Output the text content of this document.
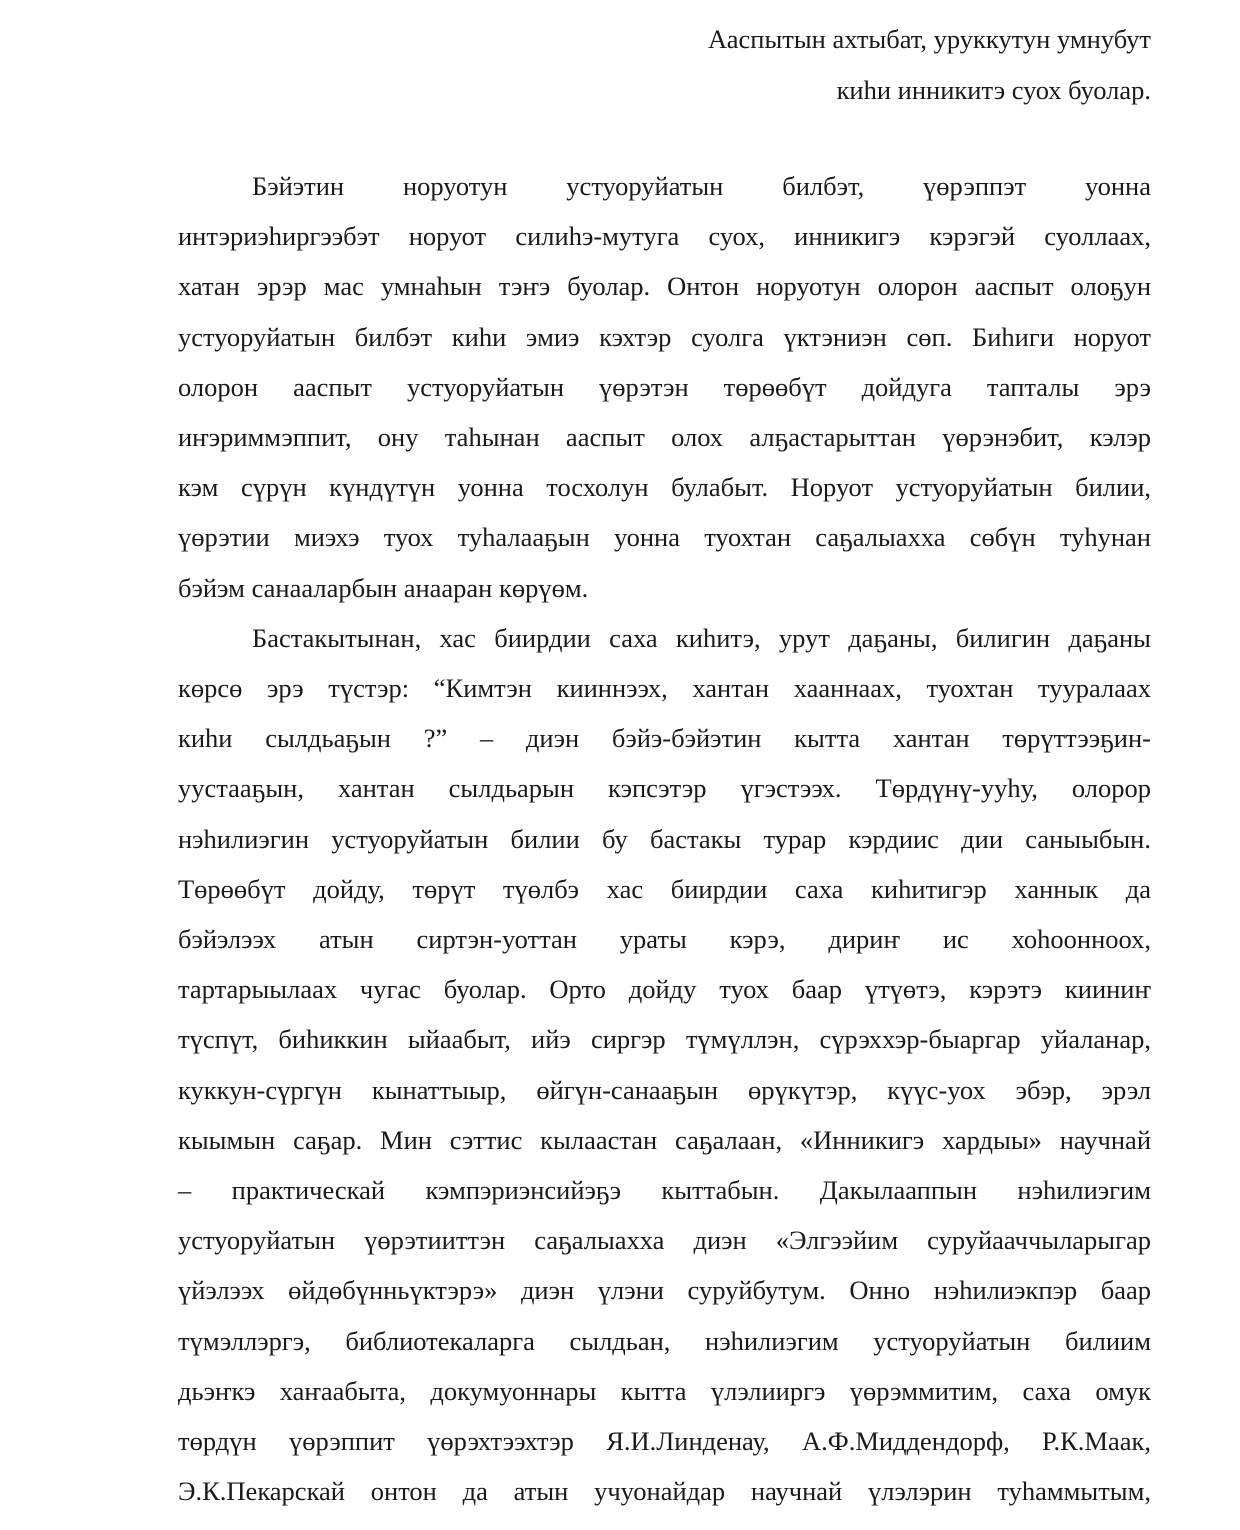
Ааспытын ахтыбат, уруккутун умнубут
киһи инникитэ суох буолар.
Бэйэтин норуотун устуоруйатын билбэт, үөрэппэт уонна
интэриэһиргээбэт норуот силиһэ-мутуга суох, инникигэ кэрэгэй суоллаах,
хатан эрэр мас умнаһын тэҥэ буолар. Онтон норуотун олорон ааспыт олоҕун
устуоруйатын билбэт киһи эмиэ кэхтэр суолга үктэниэн сөп. Биһиги норуот
олорон ааспыт устуоруйатын үөрэтэн төрөөбүт дойдуга тапталы эрэ
иҥэриммэппит, ону таһынан ааспыт олох алҕастарыттан үөрэнэбит, кэлэр
кэм сүрүн күндүтүн уонна тосхолун булабыт. Норуот устуоруйатын билии,
үөрэтии миэхэ туох туһалааҕын уонна туохтан саҕалыахха сөбүн туһунан
бэйэм санааларбын анааран көрүөм.
Бастакытынан, хас биирдии саха киһитэ, урут даҕаны, билигин даҕаны
көрсө эрэ түстэр: “Кимтэн кииннээх, хантан хааннаах, туохтан тууралаах
киһи сылдьаҕын ?” – диэн бэйэ-бэйэтин кытта хантан төрүттээҕин-
уустааҕын, хантан сылдьарын кэпсэтэр үгэстээх. Төрдүнү-ууһу, олорор
нэһилиэгин устуоруйатын билии бу бастакы турар кэрдиис дии саныыбын.
Төрөөбүт дойду, төрүт түөлбэ хас биирдии саха киһитигэр ханнык да
бэйэлээх атын сиртэн-уоттан ураты кэрэ, дириҥ ис хоһооннoох,
тартарыылаах чугас буолар. Орто дойду туох баар үтүөтэ, кэрэтэ кииниҥ
түспүт, биһиккин ыйаабыт, ийэ сиргэр түмүллэн, сүрэххэр-быаргар уйаланар,
куккун-сүргүн кынаттыыр, өйгүн-санааҕын өрүкүтэр, күүс-уох эбэр, эрэл
кыымын саҕар. Мин сэттис кылаастан саҕалаан, «Инникигэ хардыы» научнай
– практическай кэмпэриэнсийэҕэ кыттабын. Дакылааппын нэһилиэгим
устуоруйатын үөрэтииттэн саҕалыахха диэн «Элгээйим суруйааччыларыгар
үйэлээх өйдөбүнньүктэрэ» диэн үлэни суруйбутум. Онно нэһилиэкпэр баар
түмэллэргэ, библиотекаларга сылдьан, нэһилиэгим устуоруйатын билиим
дьэҥкэ хаҥаабыта, докумуоннары кытта үлэлииргэ үөрэммитим, саха омук
төрдүн үөрэппит үөрэхтээхтэр Я.И.Линденау, А.Ф.Миддендорф, Р.К.Маак,
Э.К.Пекарскай онтон да атын учуонайдар научнай үлэлэрин туһаммытым,
